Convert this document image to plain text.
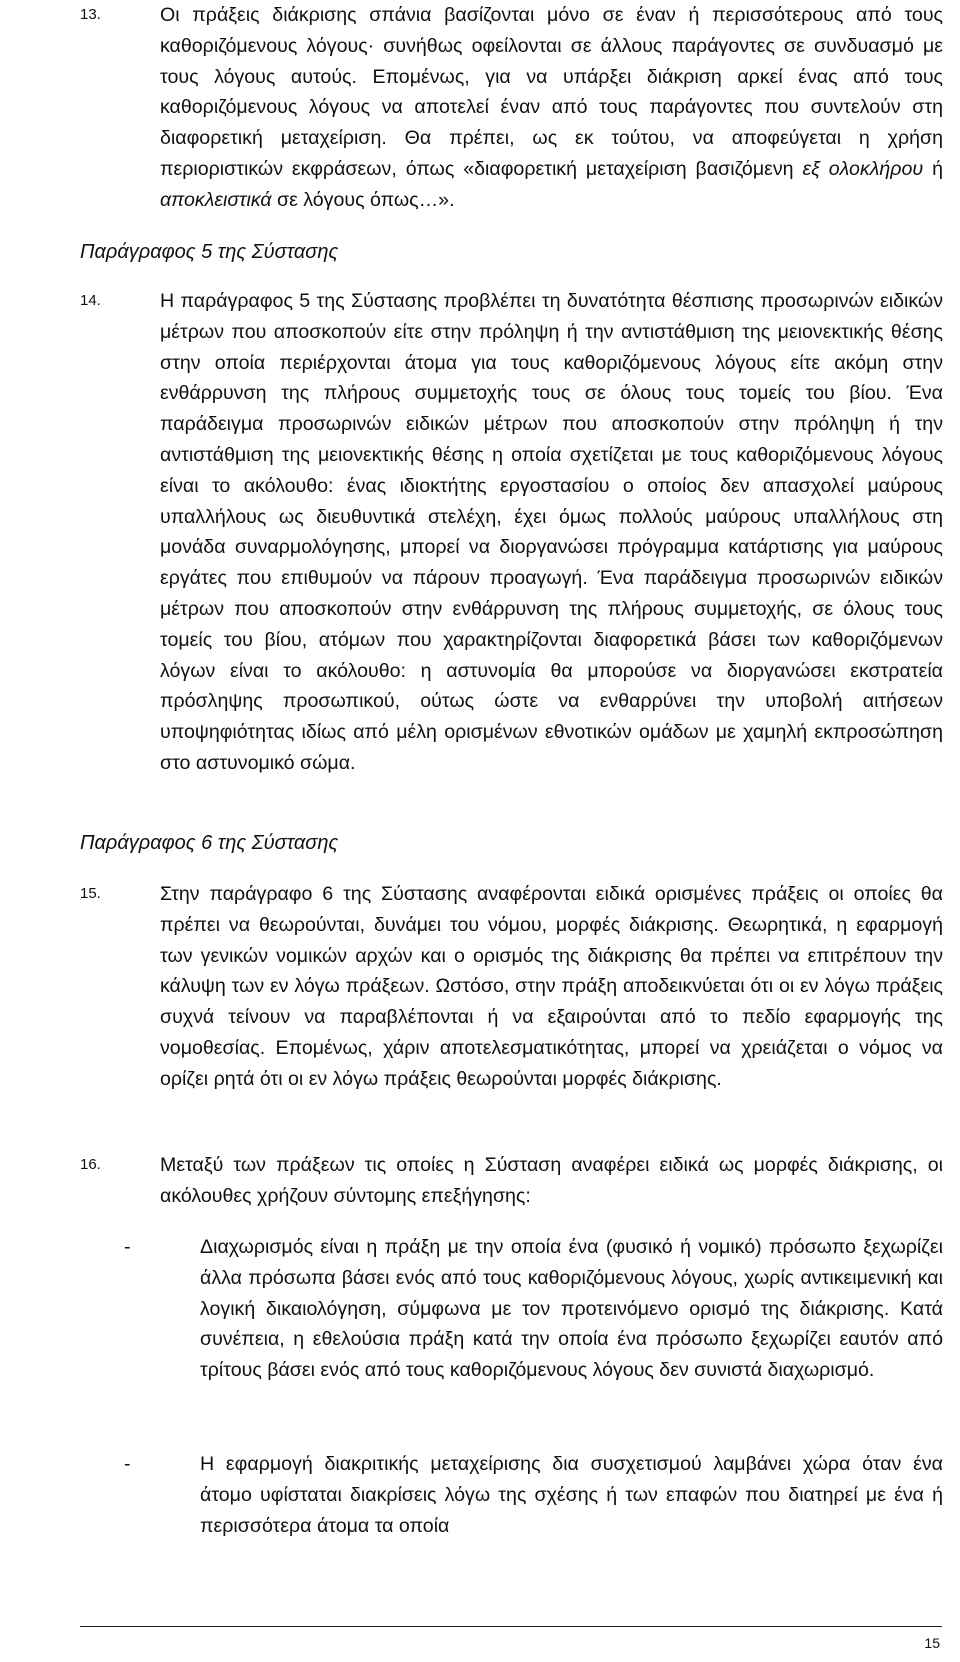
13.	Οι πράξεις διάκρισης σπάνια βασίζονται μόνο σε έναν ή περισσότερους από τους καθοριζόμενους λόγους· συνήθως οφείλονται σε άλλους παράγοντες σε συνδυασμό με τους λόγους αυτούς. Επομένως, για να υπάρξει διάκριση αρκεί ένας από τους καθοριζόμενους λόγους να αποτελεί έναν από τους παράγοντες που συντελούν στη διαφορετική μεταχείριση. Θα πρέπει, ως εκ τούτου, να αποφεύγεται η χρήση περιοριστικών εκφράσεων, όπως «διαφορετική μεταχείριση βασιζόμενη εξ ολοκλήρου ή αποκλειστικά σε λόγους όπως…».
Παράγραφος 5 της Σύστασης
14.	Η παράγραφος 5 της Σύστασης προβλέπει τη δυνατότητα θέσπισης προσωρινών ειδικών μέτρων που αποσκοπούν είτε στην πρόληψη ή την αντιστάθμιση της μειονεκτικής θέσης στην οποία περιέρχονται άτομα για τους καθοριζόμενους λόγους είτε ακόμη στην ενθάρρυνση της πλήρους συμμετοχής τους σε όλους τους τομείς του βίου. Ένα παράδειγμα προσωρινών ειδικών μέτρων που αποσκοπούν στην πρόληψη ή την αντιστάθμιση της μειονεκτικής θέσης η οποία σχετίζεται με τους καθοριζόμενους λόγους είναι το ακόλουθο: ένας ιδιοκτήτης εργοστασίου ο οποίος δεν απασχολεί μαύρους υπαλλήλους ως διευθυντικά στελέχη, έχει όμως πολλούς μαύρους υπαλλήλους στη μονάδα συναρμολόγησης, μπορεί να διοργανώσει πρόγραμμα κατάρτισης για μαύρους εργάτες που επιθυμούν να πάρουν προαγωγή. Ένα παράδειγμα προσωρινών ειδικών μέτρων που αποσκοπούν στην ενθάρρυνση της πλήρους συμμετοχής, σε όλους τους τομείς του βίου, ατόμων που χαρακτηρίζονται διαφορετικά βάσει των καθοριζόμενων λόγων είναι το ακόλουθο: η αστυνομία θα μπορούσε να διοργανώσει εκστρατεία πρόσληψης προσωπικού, ούτως ώστε να ενθαρρύνει την υποβολή αιτήσεων υποψηφιότητας ιδίως από μέλη ορισμένων εθνοτικών ομάδων με χαμηλή εκπροσώπηση στο αστυνομικό σώμα.
Παράγραφος 6 της Σύστασης
15.	Στην παράγραφο 6 της Σύστασης αναφέρονται ειδικά ορισμένες πράξεις οι οποίες θα πρέπει να θεωρούνται, δυνάμει του νόμου, μορφές διάκρισης. Θεωρητικά, η εφαρμογή των γενικών νομικών αρχών και ο ορισμός της διάκρισης θα πρέπει να επιτρέπουν την κάλυψη των εν λόγω πράξεων. Ωστόσο, στην πράξη αποδεικνύεται ότι οι εν λόγω πράξεις συχνά τείνουν να παραβλέπονται ή να εξαιρούνται από το πεδίο εφαρμογής της νομοθεσίας. Επομένως, χάριν αποτελεσματικότητας, μπορεί να χρειάζεται ο νόμος να ορίζει ρητά ότι οι εν λόγω πράξεις θεωρούνται μορφές διάκρισης.
16.	Μεταξύ των πράξεων τις οποίες η Σύσταση αναφέρει ειδικά ως μορφές διάκρισης, οι ακόλουθες χρήζουν σύντομης επεξήγησης:
-	Διαχωρισμός είναι η πράξη με την οποία ένα (φυσικό ή νομικό) πρόσωπο ξεχωρίζει άλλα πρόσωπα βάσει ενός από τους καθοριζόμενους λόγους, χωρίς αντικειμενική και λογική δικαιολόγηση, σύμφωνα με τον προτεινόμενο ορισμό της διάκρισης. Κατά συνέπεια, η εθελούσια πράξη κατά την οποία ένα πρόσωπο ξεχωρίζει εαυτόν από τρίτους βάσει ενός από τους καθοριζόμενους λόγους δεν συνιστά διαχωρισμό.
-	Η εφαρμογή διακριτικής μεταχείρισης δια συσχετισμού λαμβάνει χώρα όταν ένα άτομο υφίσταται διακρίσεις λόγω της σχέσης ή των επαφών που διατηρεί με ένα ή περισσότερα άτομα τα οποία
15
